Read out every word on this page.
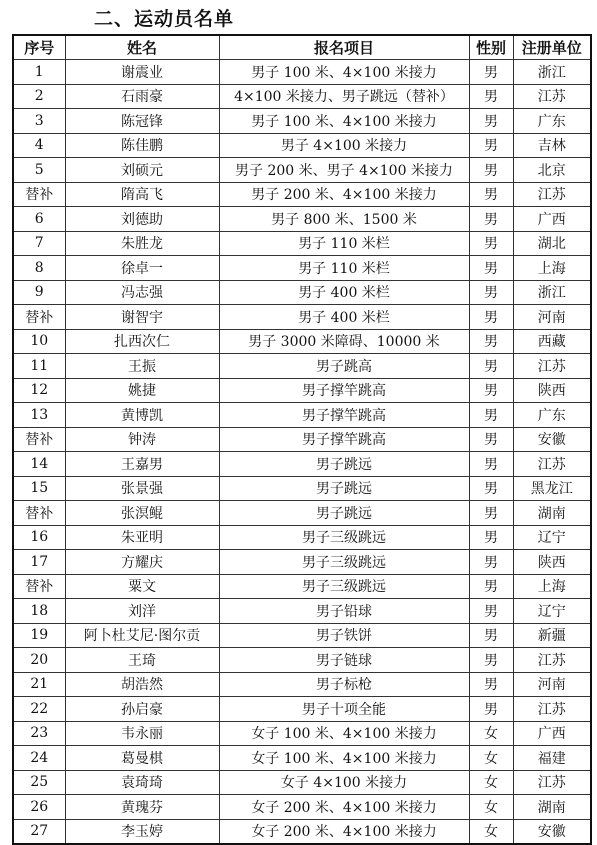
二、运动员名单
序号	姓名	报名项目	性别	注册单位
1	谢震业	男子 100 米、4×100 米接力	男	浙江
2	石雨豪	4×100 米接力、男子跳远（替补）	男	江苏
3	陈冠锋	男子 100 米、4×100 米接力	男	广东
4	陈佳鹏	男子 4×100 米接力	男	吉林
5	刘硕元	男子 200 米、男子 4×100 米接力	男	北京
替补	隋高飞	男子 200 米、4×100 米接力	男	江苏
6	刘德助	男子 800 米、1500 米	男	广西
7	朱胜龙	男子 110 米栏	男	湖北
8	徐卓一	男子 110 米栏	男	上海
9	冯志强	男子 400 米栏	男	浙江
替补	谢智宇	男子 400 米栏	男	河南
10	扎西次仁	男子 3000 米障碍、10000 米	男	西藏
11	王振	男子跳高	男	江苏
12	姚捷	男子撑竿跳高	男	陕西
13	黄博凯	男子撑竿跳高	男	广东
替补	钟涛	男子撑竿跳高	男	安徽
14	王嘉男	男子跳远	男	江苏
15	张景强	男子跳远	男	黑龙江
替补	张溟鲲	男子跳远	男	湖南
16	朱亚明	男子三级跳远	男	辽宁
17	方耀庆	男子三级跳远	男	陕西
替补	粟文	男子三级跳远	男	上海
18	刘洋	男子铅球	男	辽宁
19	阿卜杜艾尼·图尔贡	男子铁饼	男	新疆
20	王琦	男子链球	男	江苏
21	胡浩然	男子标枪	男	河南
22	孙启豪	男子十项全能	男	江苏
23	韦永丽	女子 100 米、4×100 米接力	女	广西
24	葛曼棋	女子 100 米、4×100 米接力	女	福建
25	袁琦琦	女子 4×100 米接力	女	江苏
26	黄瑰芬	女子 200 米、4×100 米接力	女	湖南
27	李玉婷	女子 200 米、4×100 米接力	女	安徽
